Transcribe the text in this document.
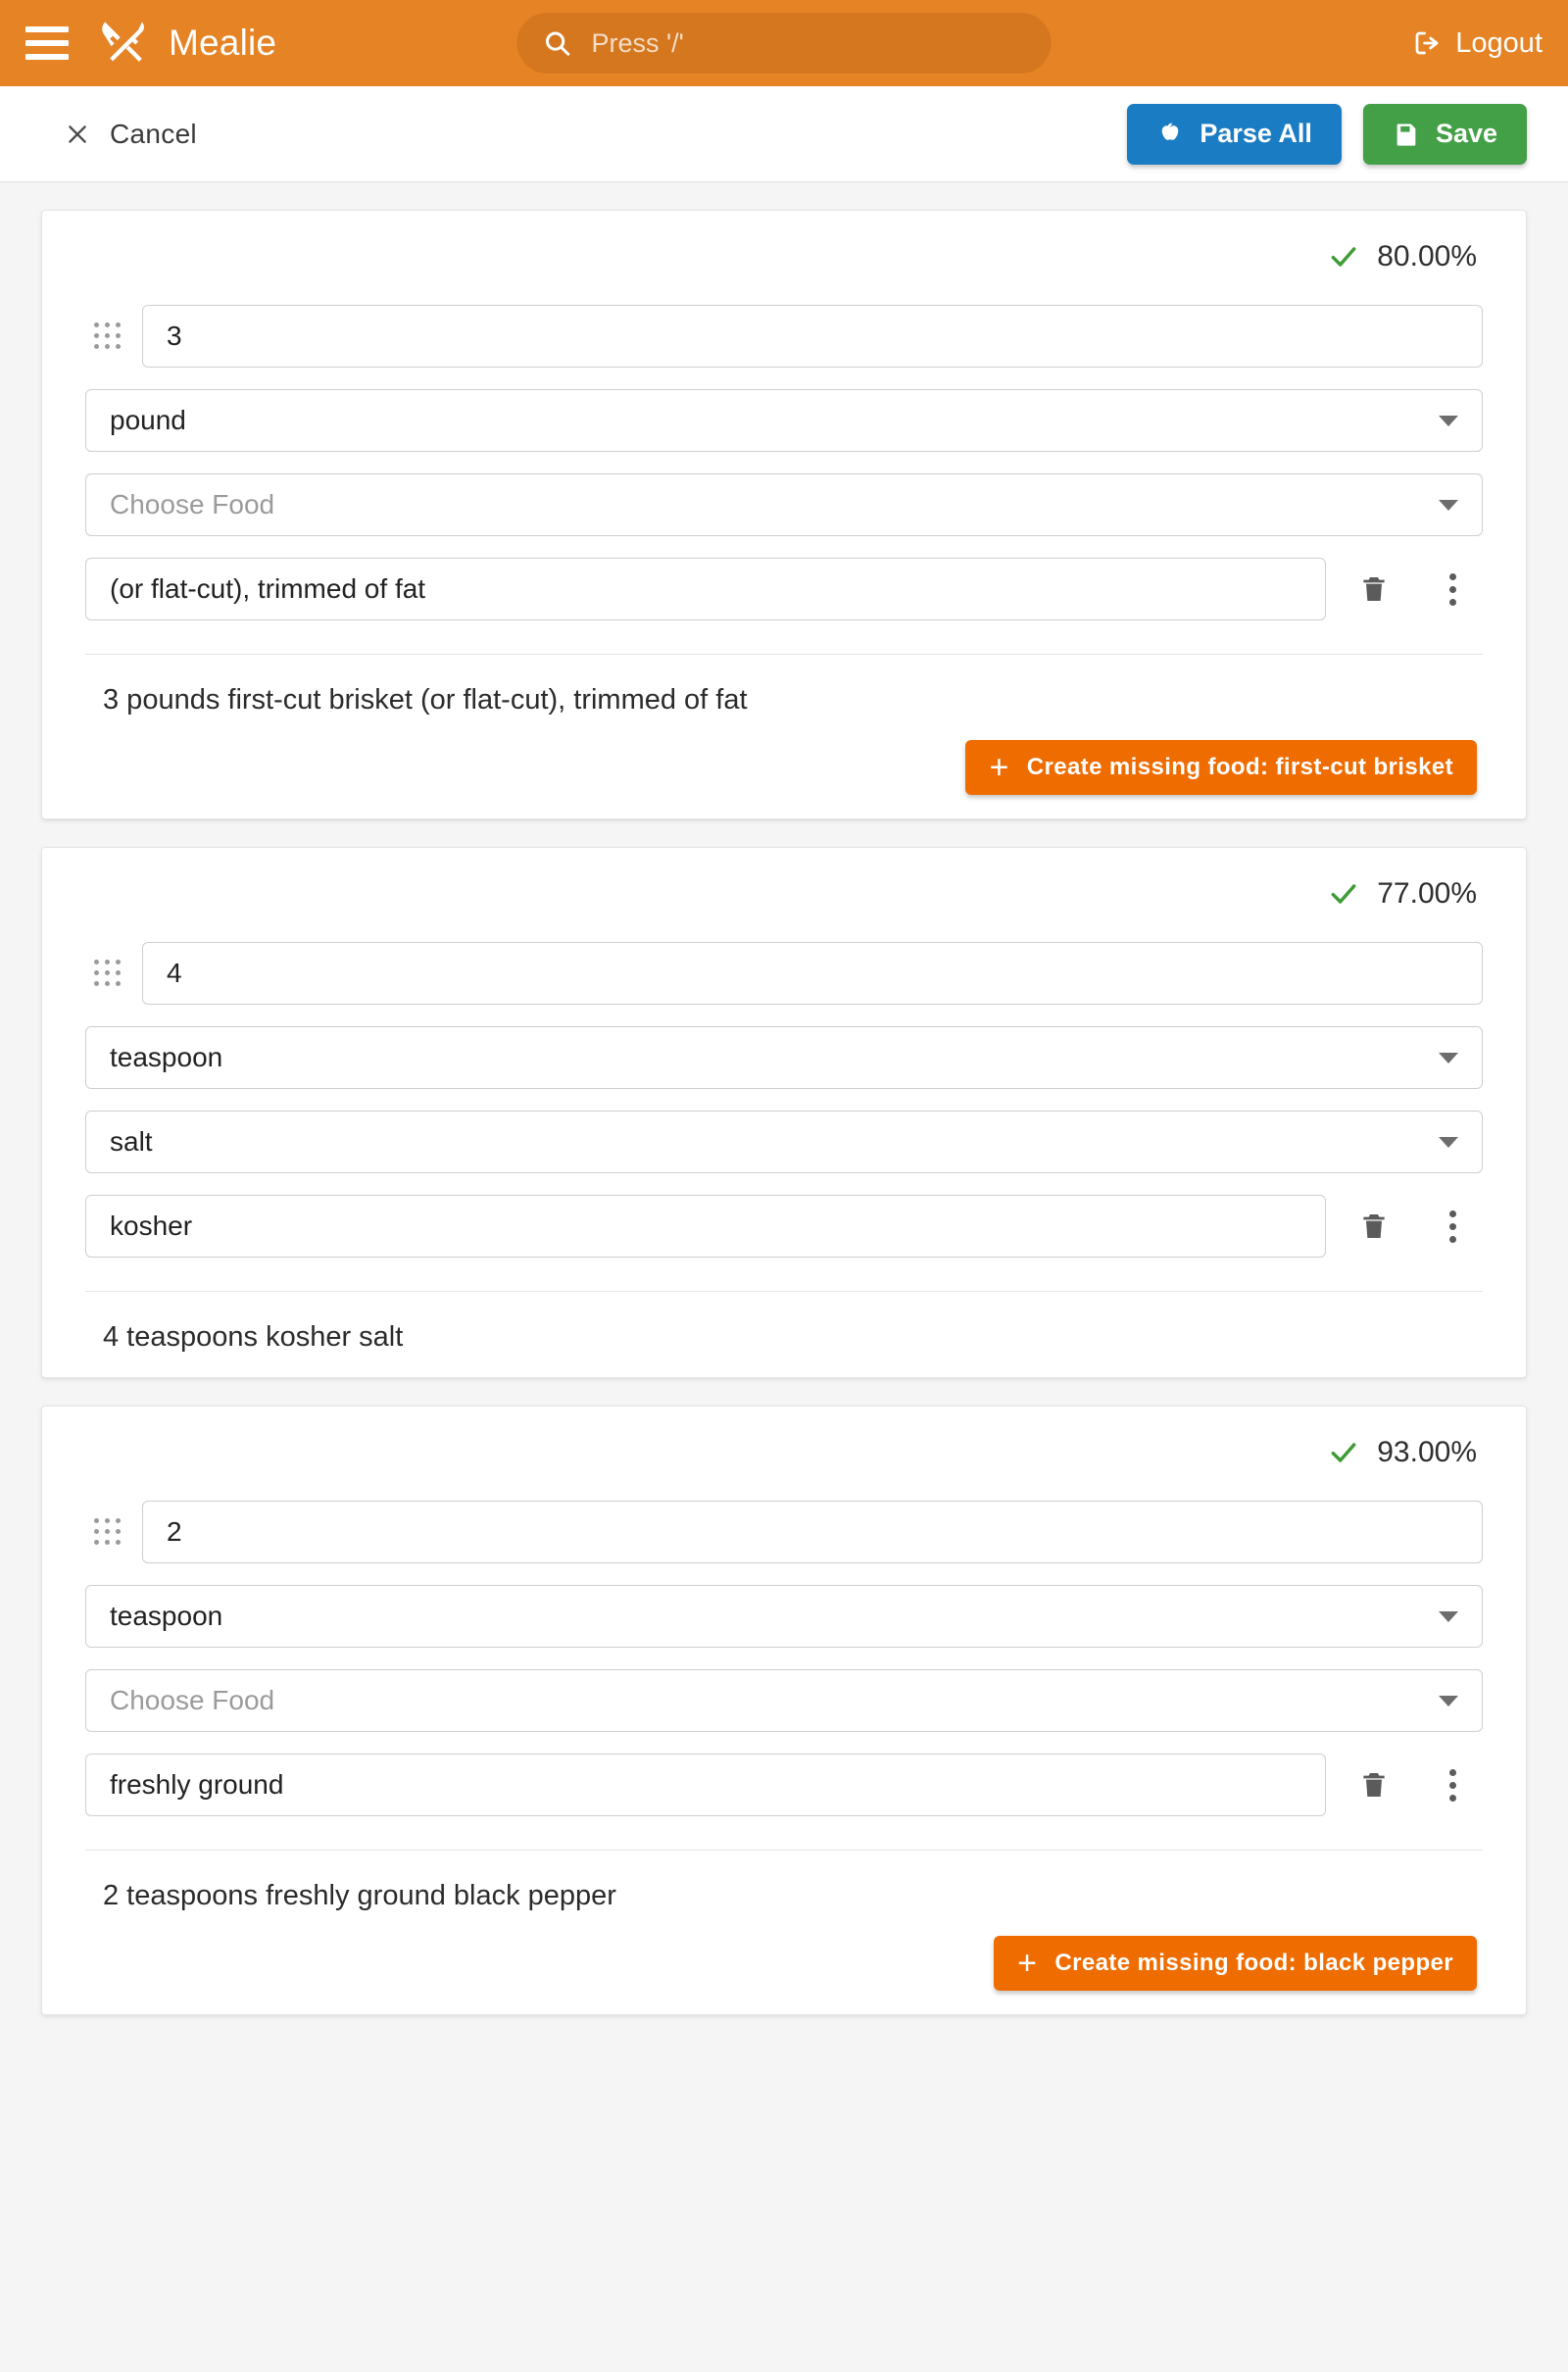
Mealie
Press '/'	Logout
Cancel	Parse All	Save
80.00%
3
pound
Choose Food
(or flat-cut), trimmed of fat
3 pounds first-cut brisket (or flat-cut), trimmed of fat
+ Create missing food: first-cut brisket
77.00%
4
teaspoon
salt
kosher
4 teaspoons kosher salt
93.00%
2
teaspoon
Choose Food
freshly ground
2 teaspoons freshly ground black pepper
+ Create missing food: black pepper
